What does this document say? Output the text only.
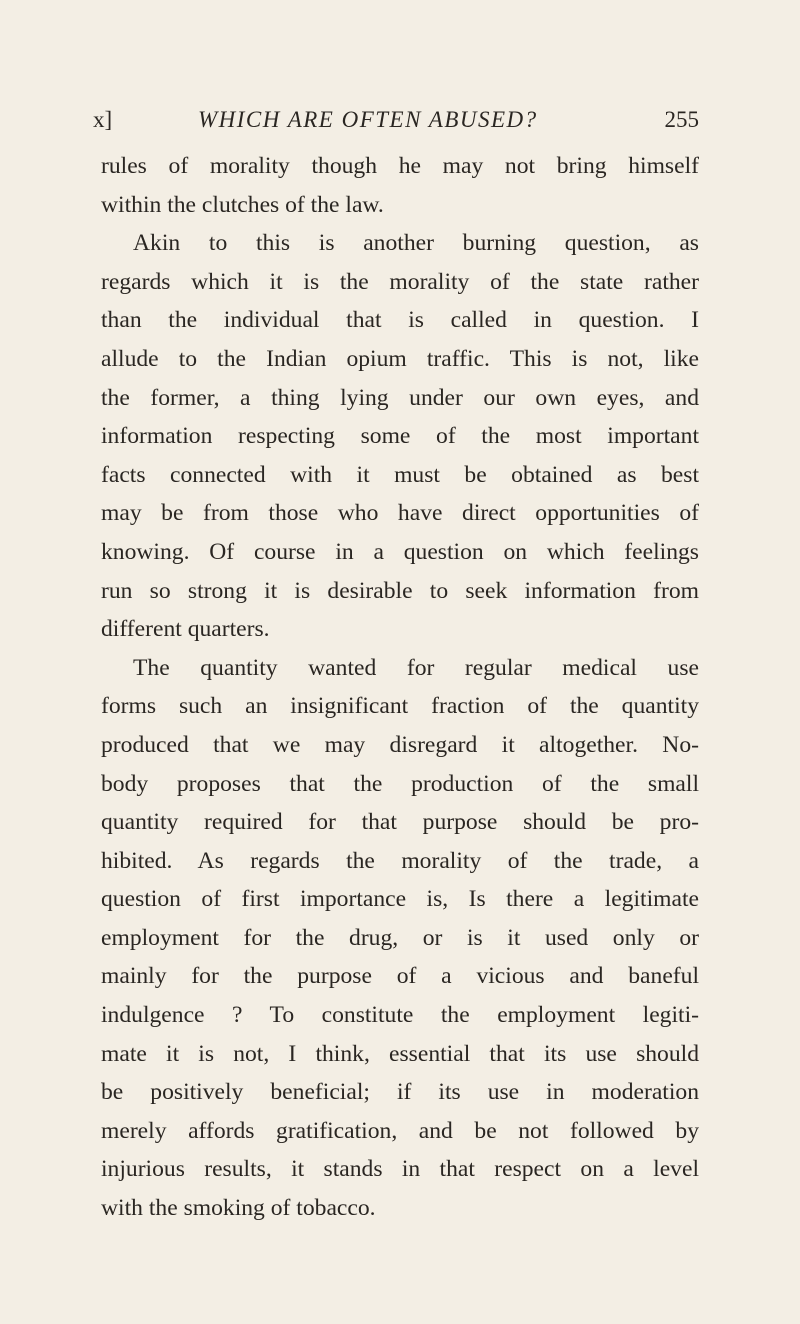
x]	WHICH ARE OFTEN ABUSED?	255
rules of morality though he may not bring himself
within the clutches of the law.
Akin to this is another burning question, as
regards which it is the morality of the state rather
than the individual that is called in question. I
allude to the Indian opium traffic. This is not, like
the former, a thing lying under our own eyes, and
information respecting some of the most important
facts connected with it must be obtained as best
may be from those who have direct opportunities of
knowing. Of course in a question on which feelings
run so strong it is desirable to seek information from
different quarters.
The quantity wanted for regular medical use
forms such an insignificant fraction of the quantity
produced that we may disregard it altogether. No-
body proposes that the production of the small
quantity required for that purpose should be pro-
hibited. As regards the morality of the trade, a
question of first importance is, Is there a legitimate
employment for the drug, or is it used only or
mainly for the purpose of a vicious and baneful
indulgence ? To constitute the employment legiti-
mate it is not, I think, essential that its use should
be positively beneficial; if its use in moderation
merely affords gratification, and be not followed by
injurious results, it stands in that respect on a level
with the smoking of tobacco.
